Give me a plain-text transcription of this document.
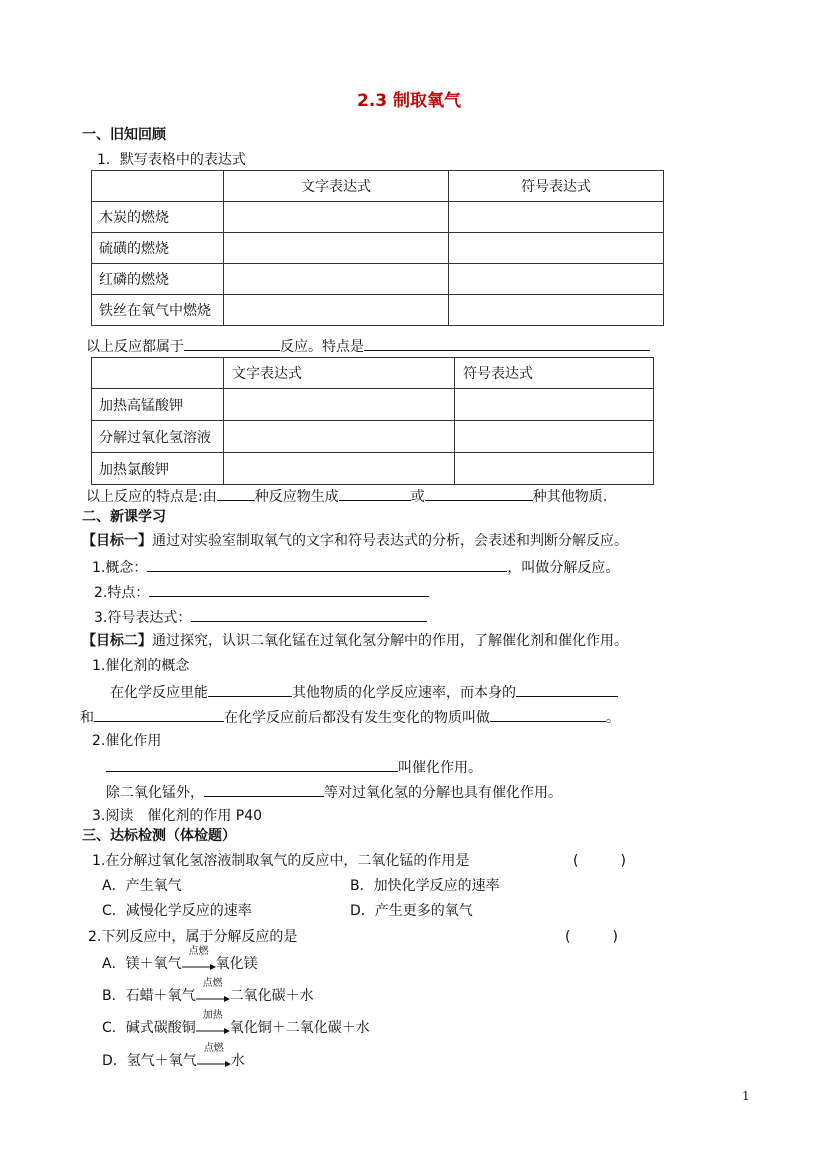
2.3 制取氧气
一、旧知回顾
1．默写表格中的表达式
	文字表达式	符号表达式
木炭的燃烧		
硫磺的燃烧		
红磷的燃烧		
铁丝在氧气中燃烧		
以上反应都属于	反应。特点是
	文字表达式	符号表达式
加热高锰酸钾		
分解过氧化氢溶液		
加热氯酸钾		
以上反应的特点是:由	种反应物生成	或	种其他物质.
二、新课学习
【目标一】通过对实验室制取氧气的文字和符号表达式的分析，会表述和判断分解反应。
1.概念：	，叫做分解反应。
2.特点：
3.符号表达式：
【目标二】通过探究，认识二氧化锰在过氧化氢分解中的作用，了解催化剂和催化作用。
1.催化剂的概念
在化学反应里能	其他物质的化学反应速率，而本身的
和	在化学反应前后都没有发生变化的物质叫做	。
2.催化作用
叫催化作用。
除二氧化锰外，	等对过氧化氢的分解也具有催化作用。
3.阅读　催化剂的作用 P40
三、达标检测（体检题）
1.在分解过氧化氢溶液制取氧气的反应中，二氧化锰的作用是	(　　　)
A．产生氧气	B．加快化学反应的速率
C．减慢化学反应的速率	D．产生更多的氧气
2.下列反应中，属于分解反应的是	(　　　)
A．镁＋氧气
点燃
氧化镁
B．石蜡＋氧气
点燃
二氧化碳＋水
C．碱式碳酸铜
加热
氧化铜＋二氧化碳＋水
D．氢气＋氧气
点燃
水
1
